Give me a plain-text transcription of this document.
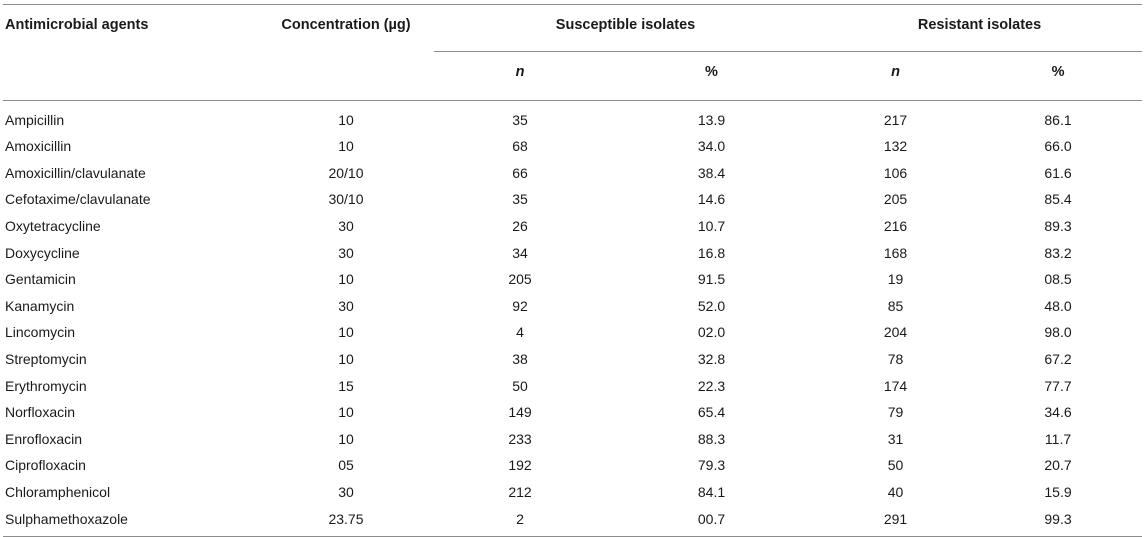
Antimicrobial agents	Concentration (µg)	Susceptible isolates		Resistant isolates	

		n	%	n	%
Ampicillin	10	35	13.9	217	86.1
Amoxicillin	10	68	34.0	132	66.0
Amoxicillin/clavulanate	20/10	66	38.4	106	61.6
Cefotaxime/clavulanate	30/10	35	14.6	205	85.4
Oxytetracycline	30	26	10.7	216	89.3
Doxycycline	30	34	16.8	168	83.2
Gentamicin	10	205	91.5	19	08.5
Kanamycin	30	92	52.0	85	48.0
Lincomycin	10	4	02.0	204	98.0
Streptomycin	10	38	32.8	78	67.2
Erythromycin	15	50	22.3	174	77.7
Norfloxacin	10	149	65.4	79	34.6
Enrofloxacin	10	233	88.3	31	11.7
Ciprofloxacin	05	192	79.3	50	20.7
Chloramphenicol	30	212	84.1	40	15.9
Sulphamethoxazole	23.75	2	00.7	291	99.3
